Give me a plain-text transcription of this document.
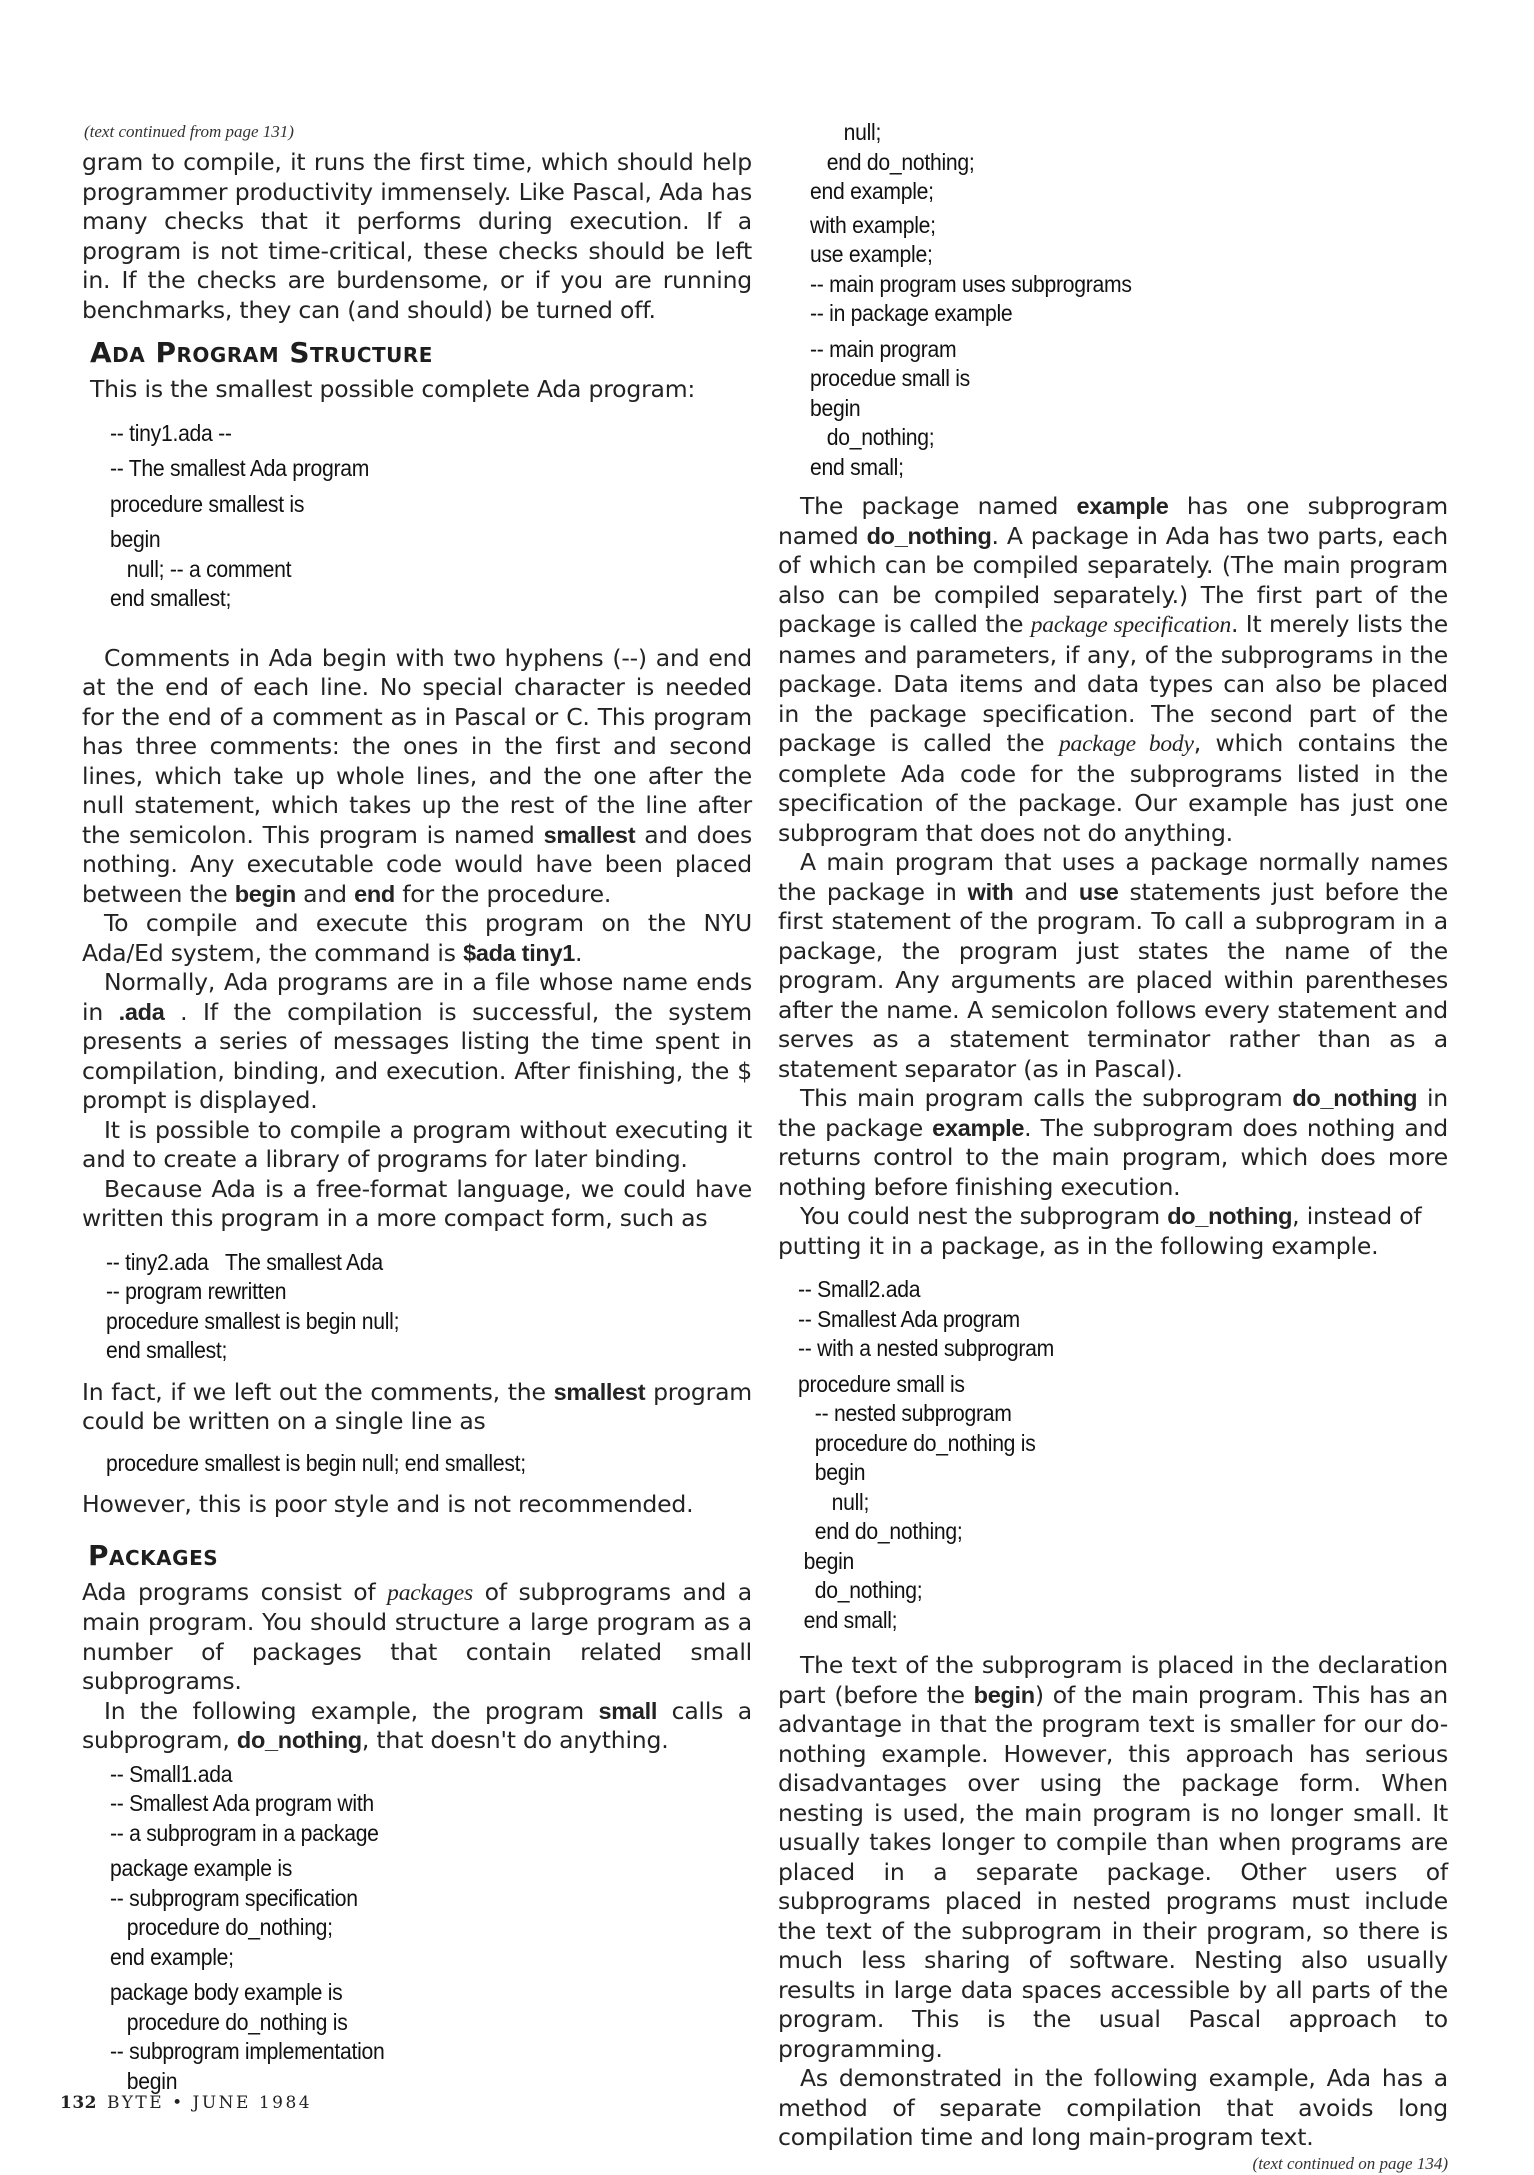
(text continued from page 131)

gram to compile, it runs the first time, which should help programmer productivity immensely. Like Pascal, Ada has many checks that it performs during execution. If a program is not time-critical, these checks should be left in. If the checks are burdensome, or if you are running benchmarks, they can (and should) be turned off.

Ada Program Structure

This is the smallest possible complete Ada program:

-- tiny1.ada --
-- The smallest Ada program
procedure smallest is
begin
null; -- a comment
end smallest;

Comments in Ada begin with two hyphens (--) and end at the end of each line. No special character is needed for the end of a comment as in Pascal or C. This program has three comments: the ones in the first and second lines, which take up whole lines, and the one after the null statement, which takes up the rest of the line after the semicolon. This program is named smallest and does nothing. Any executable code would have been placed between the begin and end for the procedure.

To compile and execute this program on the NYU Ada/Ed system, the command is $ada tiny1.

Normally, Ada programs are in a file whose name ends in .ada . If the compilation is successful, the system presents a series of messages listing the time spent in compilation, binding, and execution. After finishing, the $ prompt is displayed.

It is possible to compile a program without executing it and to create a library of programs for later binding.

Because Ada is a free-format language, we could have written this program in a more compact form, such as

-- tiny2.ada   The smallest Ada
-- program rewritten
procedure smallest is begin null;
end smallest;

In fact, if we left out the comments, the smallest program could be written on a single line as

procedure smallest is begin null; end smallest;

However, this is poor style and is not recommended.

Packages

Ada programs consist of packages of subprograms and a main program. You should structure a large program as a number of packages that contain related small subprograms.

In the following example, the program small calls a subprogram, do_nothing, that doesn't do anything.

-- Small1.ada
-- Smallest Ada program with
-- a subprogram in a package
package example is
-- subprogram specification
procedure do_nothing;
end example;
package body example is
procedure do_nothing is
-- subprogram implementation
begin
null;
end do_nothing;
end example;
with example;
use example;
-- main program uses subprograms
-- in package example
-- main program
procedue small is
begin
do_nothing;
end small;

The package named example has one subprogram named do_nothing. A package in Ada has two parts, each of which can be compiled separately. (The main program also can be compiled separately.) The first part of the package is called the package specification. It merely lists the names and parameters, if any, of the subprograms in the package. Data items and data types can also be placed in the package specification. The second part of the package is called the package body, which contains the complete Ada code for the subprograms listed in the specification of the package. Our example has just one subprogram that does not do anything.

A main program that uses a package normally names the package in with and use statements just before the first statement of the program. To call a subprogram in a package, the program just states the name of the program. Any arguments are placed within parentheses after the name. A semicolon follows every statement and serves as a statement terminator rather than as a statement separator (as in Pascal).

This main program calls the subprogram do_nothing in the package example. The subprogram does nothing and returns control to the main program, which does more nothing before finishing execution.

You could nest the subprogram do_nothing, instead of putting it in a package, as in the following example.

-- Small2.ada
-- Smallest Ada program
-- with a nested subprogram
procedure small is
-- nested subprogram
procedure do_nothing is
begin
null;
end do_nothing;
begin
do_nothing;
end small;

The text of the subprogram is placed in the declaration part (before the begin) of the main program. This has an advantage in that the program text is smaller for our do-nothing example. However, this approach has serious disadvantages over using the package form. When nesting is used, the main program is no longer small. It usually takes longer to compile than when programs are placed in a separate package. Other users of subprograms placed in nested programs must include the text of the subprogram in their program, so there is much less sharing of software. Nesting also usually results in large data spaces accessible by all parts of the program. This is the usual Pascal approach to programming.

As demonstrated in the following example, Ada has a method of separate compilation that avoids long compilation time and long main-program text.

(text continued on page 134)
132 BYTE • JUNE 1984
